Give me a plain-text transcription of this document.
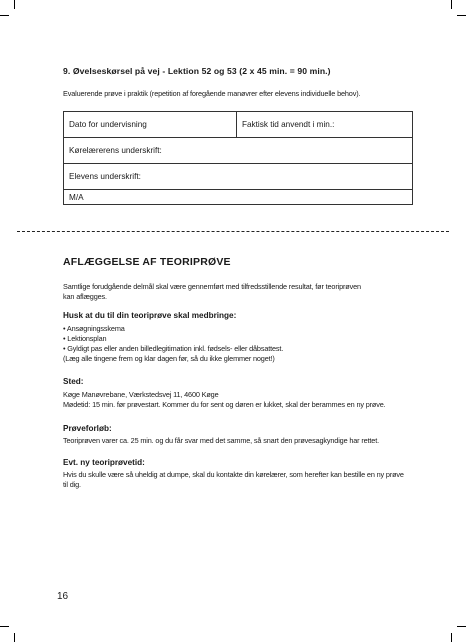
9. Øvelseskørsel på vej - Lektion 52 og 53 (2 x 45 min. = 90 min.)
Evaluerende prøve i praktik (repetition af foregående manøvrer efter elevens individuelle behov).
Dato for undervisning	Faktisk tid anvendt i min.:
Kørelærerens underskrift:
Elevens underskrift:
M/A
AFLÆGGELSE AF TEORIPRØVE
Samtlige forudgående delmål skal være gennemført med tilfredsstillende resultat, før teoriprøven
kan aflægges.
Husk at du til din teoriprøve skal medbringe:
• Ansøgningsskema
• Lektionsplan
• Gyldigt pas eller anden billedlegitimation inkl. fødsels- eller dåbsattest.
(Læg alle tingene frem og klar dagen før, så du ikke glemmer noget!)
Sted:
Køge Manøvrebane, Værkstedsvej 11, 4600 Køge
Mødetid: 15 min. før prøvestart. Kommer du for sent og døren er lukket, skal der berammes en ny prøve.
Prøveforløb:
Teoriprøven varer ca. 25 min. og du får svar med det samme, så snart den prøvesagkyndige har rettet.
Evt. ny teoriprøvetid:
Hvis du skulle være så uheldig at dumpe, skal du kontakte din kørelærer, som herefter kan bestille en ny prøve
til dig.
16
